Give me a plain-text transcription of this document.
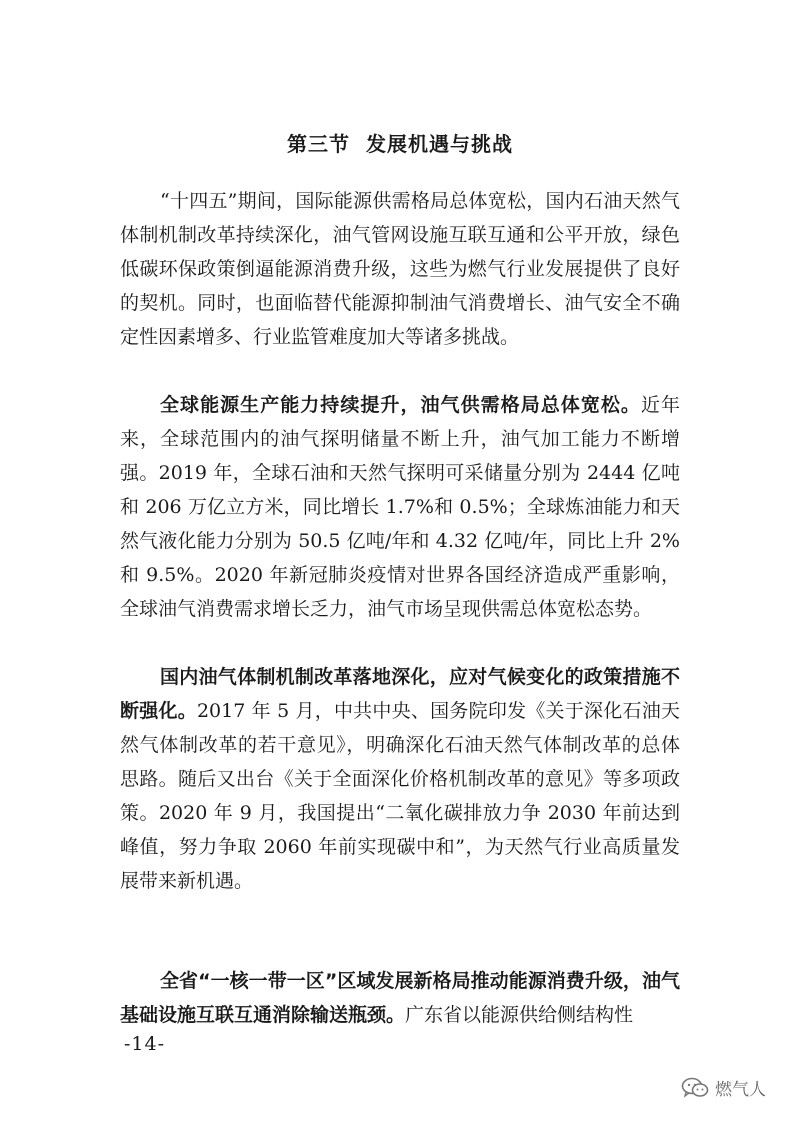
第三节 发展机遇与挑战

“十四五”期间，国际能源供需格局总体宽松，国内石油天然气体制机制改革持续深化，油气管网设施互联互通和公平开放，绿色低碳环保政策倒逼能源消费升级，这些为燃气行业发展提供了良好的契机。同时，也面临替代能源抑制油气消费增长、油气安全不确定性因素增多、行业监管难度加大等诸多挑战。

全球能源生产能力持续提升，油气供需格局总体宽松。近年来，全球范围内的油气探明储量不断上升，油气加工能力不断增强。2019 年，全球石油和天然气探明可采储量分别为 2444 亿吨和 206 万亿立方米，同比增长 1.7%和 0.5%；全球炼油能力和天然气液化能力分别为 50.5 亿吨/年和 4.32 亿吨/年，同比上升 2%和 9.5%。2020 年新冠肺炎疫情对世界各国经济造成严重影响，全球油气消费需求增长乏力，油气市场呈现供需总体宽松态势。

国内油气体制机制改革落地深化，应对气候变化的政策措施不断强化。2017 年 5 月，中共中央、国务院印发《关于深化石油天然气体制改革的若干意见》，明确深化石油天然气体制改革的总体思路。随后又出台《关于全面深化价格机制改革的意见》等多项政策。2020 年 9 月，我国提出“二氧化碳排放力争 2030 年前达到峰值，努力争取 2060 年前实现碳中和”，为天然气行业高质量发展带来新机遇。

全省“一核一带一区”区域发展新格局推动能源消费升级，油气基础设施互联互通消除输送瓶颈。广东省以能源供给侧结构性

-14-
燃气人
